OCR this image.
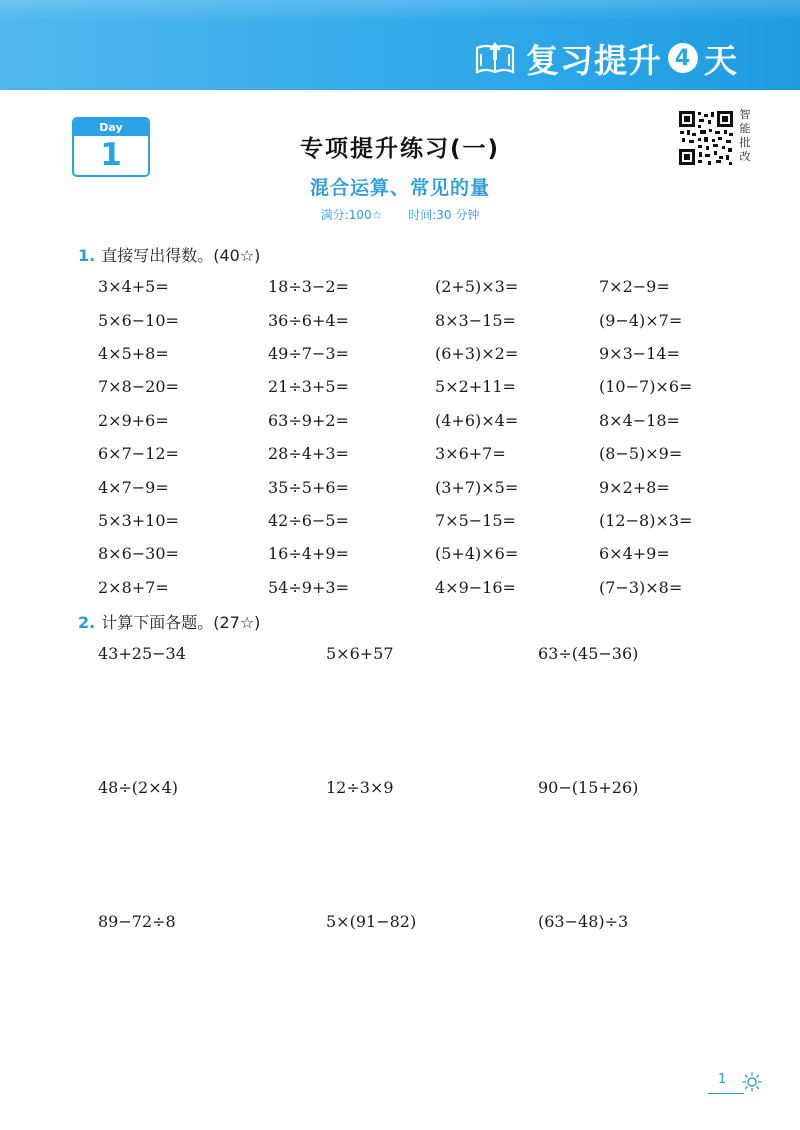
复习提升 4 天
Day
1	专项提升练习(一)
混合运算、常见的量
满分:100☆ 时间:30 分钟
智
能
批
改
1. 直接写出得数。(40☆)
3×4+5=	18÷3−2=	(2+5)×3=	7×2−9=
5×6−10=	36÷6+4=	8×3−15=	(9−4)×7=
4×5+8=	49÷7−3=	(6+3)×2=	9×3−14=
7×8−20=	21÷3+5=	5×2+11=	(10−7)×6=
2×9+6=	63÷9+2=	(4+6)×4=	8×4−18=
6×7−12=	28÷4+3=	3×6+7=	(8−5)×9=
4×7−9=	35÷5+6=	(3+7)×5=	9×2+8=
5×3+10=	42÷6−5=	7×5−15=	(12−8)×3=
8×6−30=	16÷4+9=	(5+4)×6=	6×4+9=
2×8+7=	54÷9+3=	4×9−16=	(7−3)×8=
2. 计算下面各题。(27☆)
43+25−34	5×6+57	63÷(45−36)
48÷(2×4)	12÷3×9	90−(15+26)
89−72÷8	5×(91−82)	(63−48)÷3
1
